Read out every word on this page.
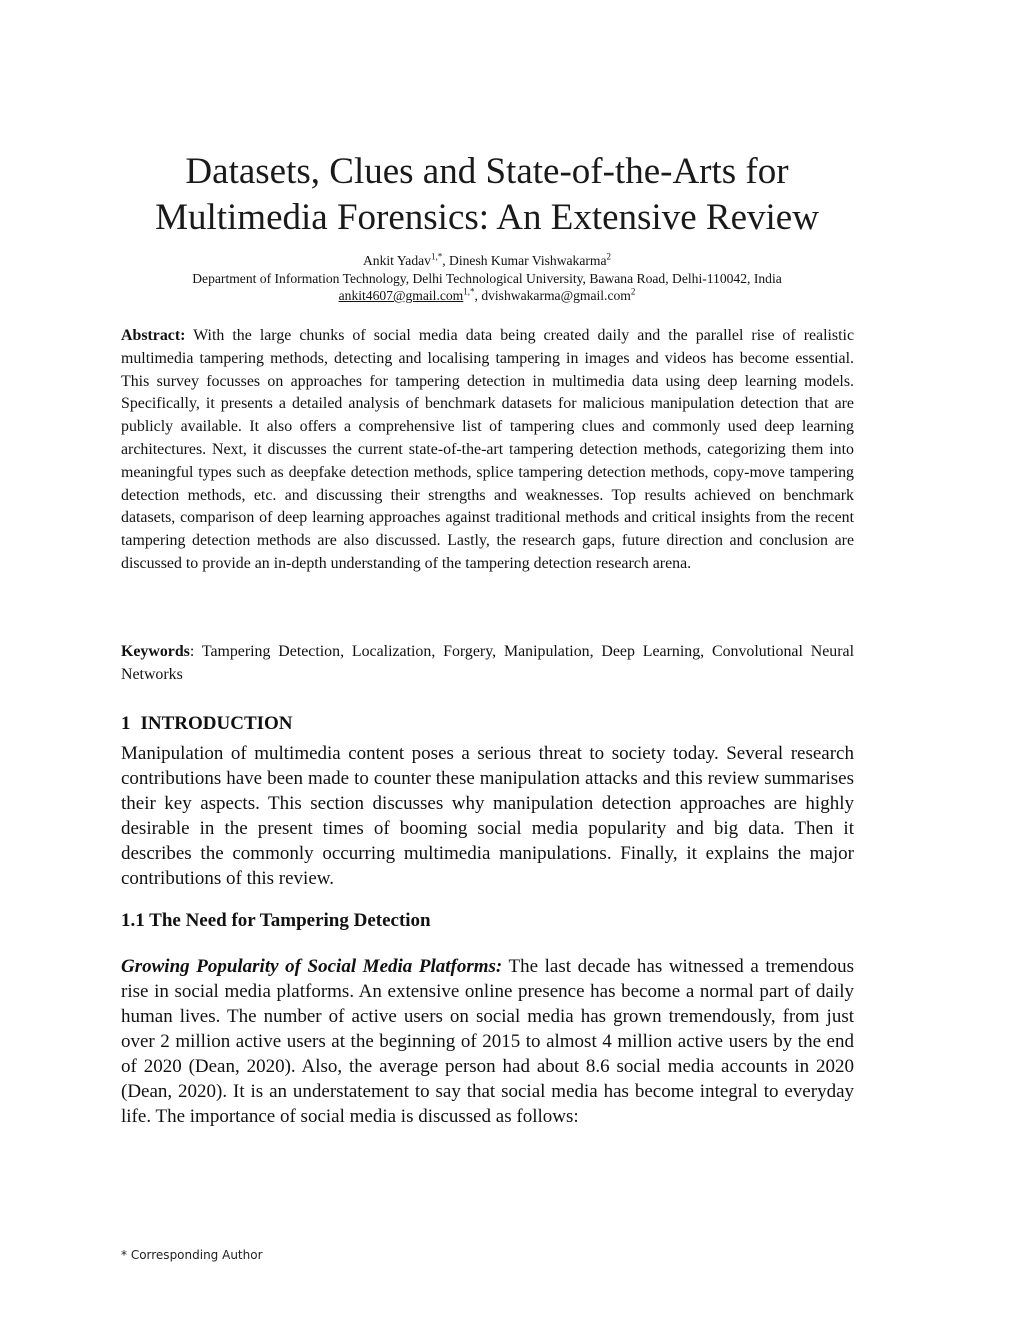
Datasets, Clues and State-of-the-Arts for
Multimedia Forensics: An Extensive Review
Ankit Yadav$^{1,*}$, Dinesh Kumar Vishwakarma$^2$
Department of Information Technology, Delhi Technological University, Bawana Road, Delhi-110042, India
ankit4607@gmail.com$^{1,*}$, dvishwakarma@gmail.com$^2$
Abstract: With the large chunks of social media data being created daily and the parallel rise of realistic multimedia tampering methods, detecting and localising tampering in images and videos has become essential. This survey focusses on approaches for tampering detection in multimedia data using deep learning models. Specifically, it presents a detailed analysis of benchmark datasets for malicious manipulation detection that are publicly available. It also offers a comprehensive list of tampering clues and commonly used deep learning architectures. Next, it discusses the current state-of-the-art tampering detection methods, categorizing them into meaningful types such as deepfake detection methods, splice tampering detection methods, copy-move tampering detection methods, etc. and discussing their strengths and weaknesses. Top results achieved on benchmark datasets, comparison of deep learning approaches against traditional methods and critical insights from the recent tampering detection methods are also discussed. Lastly, the research gaps, future direction and conclusion are discussed to provide an in-depth understanding of the tampering detection research arena.
Keywords: Tampering Detection, Localization, Forgery, Manipulation, Deep Learning, Convolutional Neural Networks
1 INTRODUCTION
Manipulation of multimedia content poses a serious threat to society today. Several research contributions have been made to counter these manipulation attacks and this review summarises their key aspects. This section discusses why manipulation detection approaches are highly desirable in the present times of booming social media popularity and big data. Then it describes the commonly occurring multimedia manipulations. Finally, it explains the major contributions of this review.
1.1 The Need for Tampering Detection
Growing Popularity of Social Media Platforms: The last decade has witnessed a tremendous rise in social media platforms. An extensive online presence has become a normal part of daily human lives. The number of active users on social media has grown tremendously, from just over 2 million active users at the beginning of 2015 to almost 4 million active users by the end of 2020 (Dean, 2020). Also, the average person had about 8.6 social media accounts in 2020 (Dean, 2020). It is an understatement to say that social media has become integral to everyday life. The importance of social media is discussed as follows:
* Corresponding Author
